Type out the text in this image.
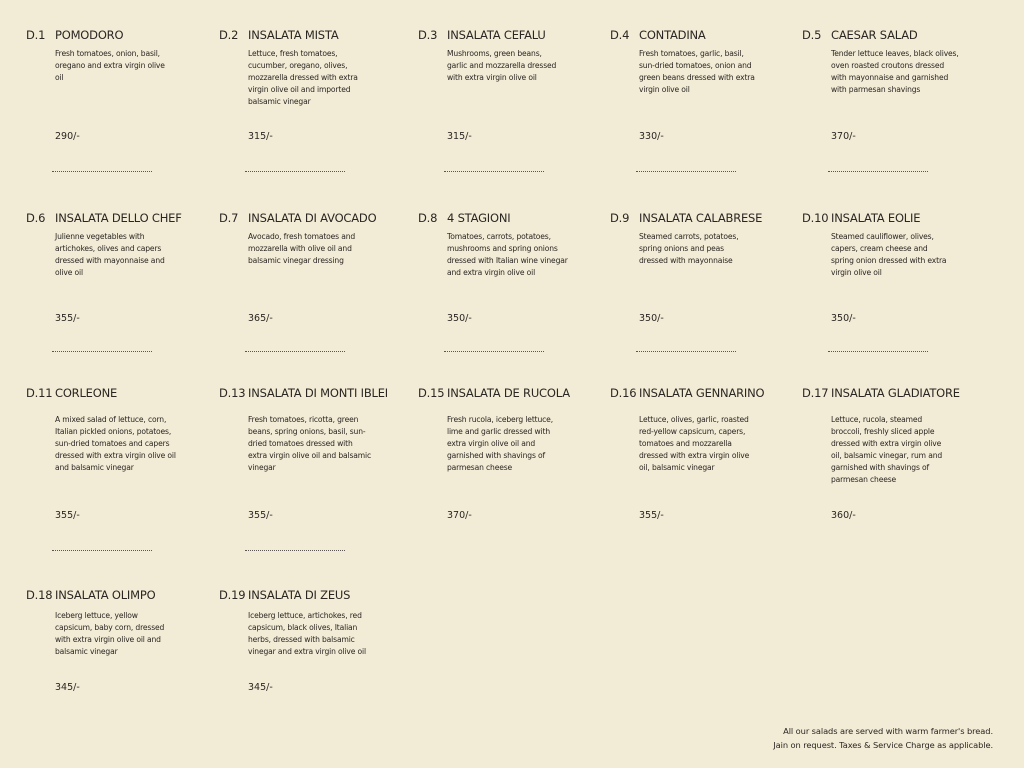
D.1 POMODORO
Fresh tomatoes, onion, basil, oregano and extra virgin olive oil
290/-
D.2 INSALATA MISTA
Lettuce, fresh tomatoes, cucumber, oregano, olives, mozzarella dressed with extra virgin olive oil and imported balsamic vinegar
315/-
D.3 INSALATA CEFALU
Mushrooms, green beans, garlic and mozzarella dressed with extra virgin olive oil
315/-
D.4 CONTADINA
Fresh tomatoes, garlic, basil, sun-dried tomatoes, onion and green beans dressed with extra virgin olive oil
330/-
D.5 CAESAR SALAD
Tender lettuce leaves, black olives, oven roasted croutons dressed with mayonnaise and garnished with parmesan shavings
370/-
D.6 INSALATA DELLO CHEF
Julienne vegetables with artichokes, olives and capers dressed with mayonnaise and olive oil
355/-
D.7 INSALATA DI AVOCADO
Avocado, fresh tomatoes and mozzarella with olive oil and balsamic vinegar dressing
365/-
D.8 4 STAGIONI
Tomatoes, carrots, potatoes, mushrooms and spring onions dressed with Italian wine vinegar and extra virgin olive oil
350/-
D.9 INSALATA CALABRESE
Steamed carrots, potatoes, spring onions and peas dressed with mayonnaise
350/-
D.10 INSALATA EOLIE
Steamed cauliflower, olives, capers, cream cheese and spring onion dressed with extra virgin olive oil
350/-
D.11 CORLEONE
A mixed salad of lettuce, corn, Italian pickled onions, potatoes, sun-dried tomatoes and capers dressed with extra virgin olive oil and balsamic vinegar
355/-
D.13 INSALATA DI MONTI IBLEI
Fresh tomatoes, ricotta, green beans, spring onions, basil, sun-dried tomatoes dressed with extra virgin olive oil and balsamic vinegar
355/-
D.15 INSALATA DE RUCOLA
Fresh rucola, iceberg lettuce, lime and garlic dressed with extra virgin olive oil and garnished with shavings of parmesan cheese
370/-
D.16 INSALATA GENNARINO
Lettuce, olives, garlic, roasted red-yellow capsicum, capers, tomatoes and mozzarella dressed with extra virgin olive oil, balsamic vinegar
355/-
D.17 INSALATA GLADIATORE
Lettuce, rucola, steamed broccoli, freshly sliced apple dressed with extra virgin olive oil, balsamic vinegar, rum and garnished with shavings of parmesan cheese
360/-
D.18 INSALATA OLIMPO
Iceberg lettuce, yellow capsicum, baby corn, dressed with extra virgin olive oil and balsamic vinegar
345/-
D.19 INSALATA DI ZEUS
Iceberg lettuce, artichokes, red capsicum, black olives, Italian herbs, dressed with balsamic vinegar and extra virgin olive oil
345/-
All our salads are served with warm farmer's bread.
Jain on request. Taxes & Service Charge as applicable.
